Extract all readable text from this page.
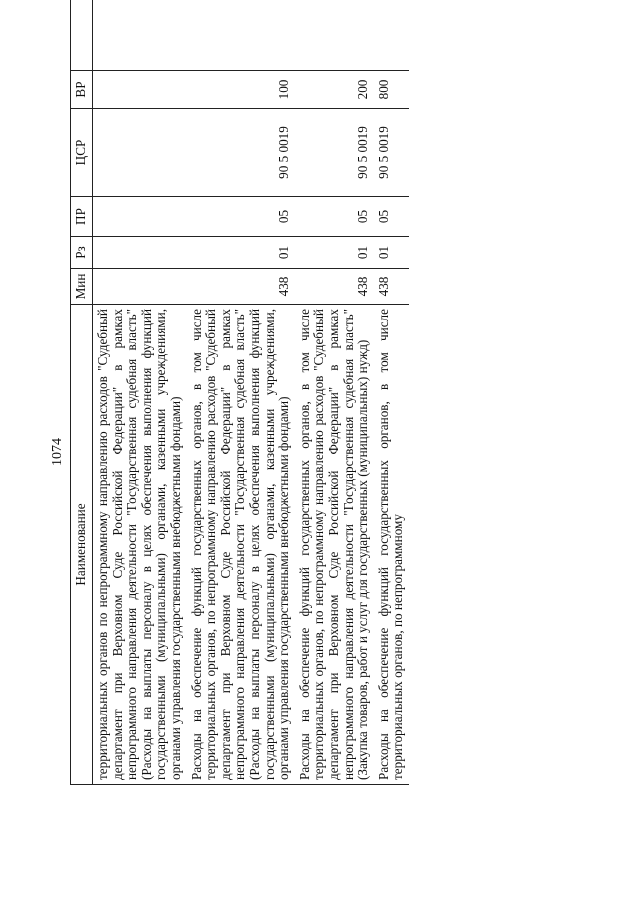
1074
Наименование	Мин	Рз	ПР	ЦСР	ВР	
территориальных органов по непрограммному направлению расходов "Судебный департамент при Верховном Суде Российской Федерации" в рамках непрограммного направления деятельности "Государственная судебная власть" (Расходы на выплаты персоналу в целях обеспечения выполнения функций государственными (муниципальными) органами, казенными учреждениями, органами управления государственными внебюджетными фондами)						
Расходы на обеспечение функций государственных органов, в том числе территориальных органов, по непрограммному направлению расходов "Судебный департамент при Верховном Суде Российской Федерации" в рамках непрограммного направления деятельности "Государственная судебная власть" (Расходы на выплаты персоналу в целях обеспечения выполнения функций государственными (муниципальными) органами, казенными учреждениями, органами управления государственными внебюджетными фондами)	438	01	05	90 5 0019	100	
Расходы на обеспечение функций государственных органов, в том числе территориальных органов, по непрограммному направлению расходов "Судебный департамент при Верховном Суде Российской Федерации" в рамках непрограммного направления деятельности "Государственная судебная власть" (Закупка товаров, работ и услуг для государственных (муниципальных) нужд)	438	01	05	90 5 0019	200	
Расходы на обеспечение функций государственных органов, в том числе территориальных органов, по непрограммному	438	01	05	90 5 0019	800	
